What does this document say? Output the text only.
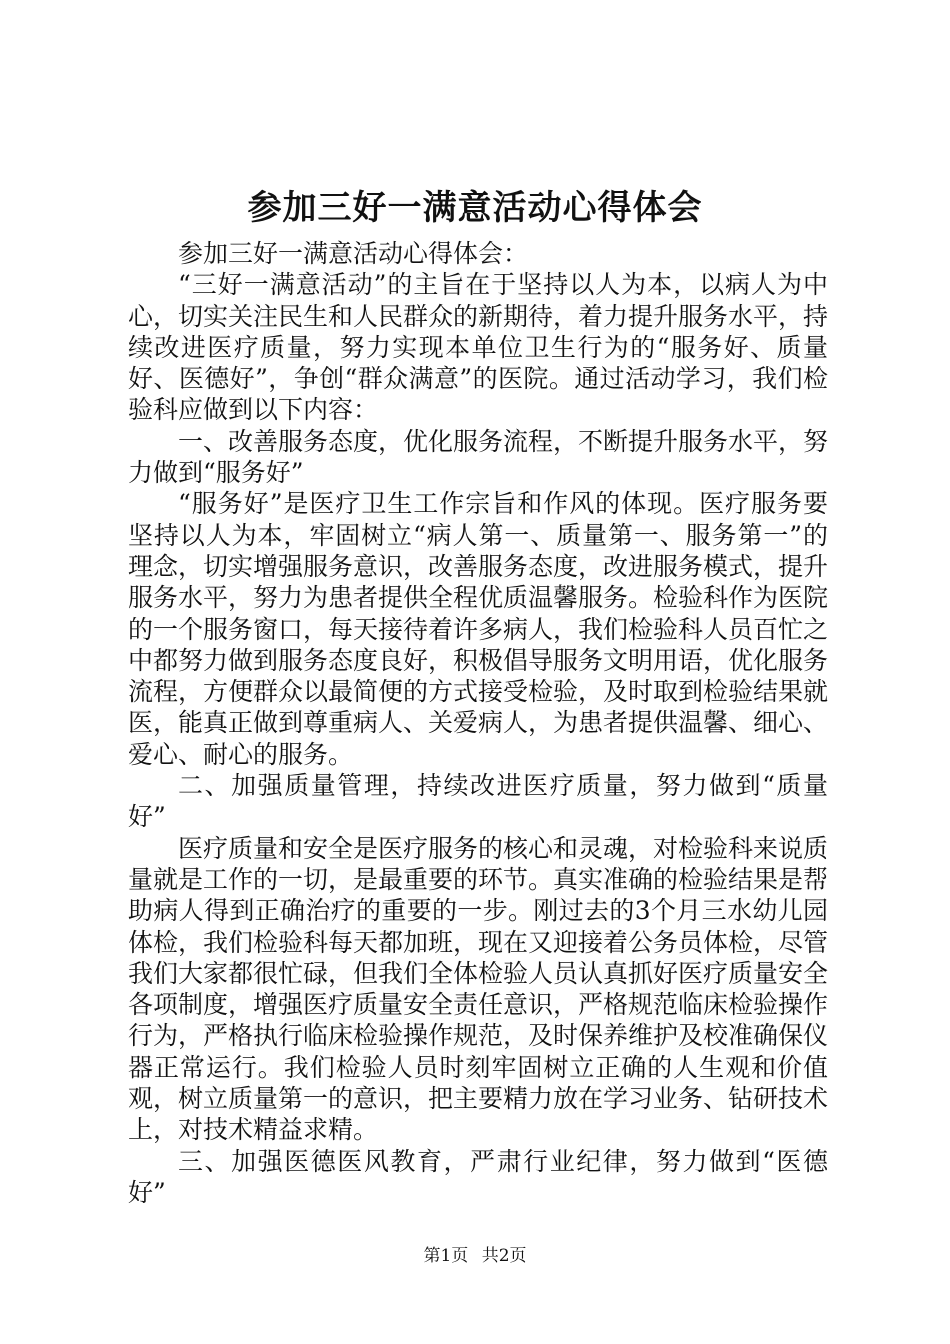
参加三好一满意活动心得体会

参加三好一满意活动心得体会：

“三好一满意活动”的主旨在于坚持以人为本，以病人为中心，切实关注民生和人民群众的新期待，着力提升服务水平，持续改进医疗质量，努力实现本单位卫生行为的“服务好、质量好、医德好”，争创“群众满意”的医院。通过活动学习，我们检验科应做到以下内容：

一、改善服务态度，优化服务流程，不断提升服务水平，努力做到“服务好”

“服务好”是医疗卫生工作宗旨和作风的体现。医疗服务要坚持以人为本，牢固树立“病人第一、质量第一、服务第一”的理念，切实增强服务意识，改善服务态度，改进服务模式，提升服务水平，努力为患者提供全程优质温馨服务。检验科作为医院的一个服务窗口，每天接待着许多病人，我们检验科人员百忙之中都努力做到服务态度良好，积极倡导服务文明用语，优化服务流程，方便群众以最简便的方式接受检验，及时取到检验结果就医，能真正做到尊重病人、关爱病人，为患者提供温馨、细心、爱心、耐心的服务。

二、加强质量管理，持续改进医疗质量，努力做到“质量好”

医疗质量和安全是医疗服务的核心和灵魂，对检验科来说质量就是工作的一切，是最重要的环节。真实准确的检验结果是帮助病人得到正确治疗的重要的一步。刚过去的3个月三水幼儿园体检，我们检验科每天都加班，现在又迎接着公务员体检，尽管我们大家都很忙碌，但我们全体检验人员认真抓好医疗质量安全各项制度，增强医疗质量安全责任意识，严格规范临床检验操作行为，严格执行临床检验操作规范，及时保养维护及校准确保仪器正常运行。我们检验人员时刻牢固树立正确的人生观和价值观，树立质量第一的意识，把主要精力放在学习业务、钻研技术上，对技术精益求精。

三、加强医德医风教育，严肃行业纪律，努力做到“医德好”

第1页 共2页
